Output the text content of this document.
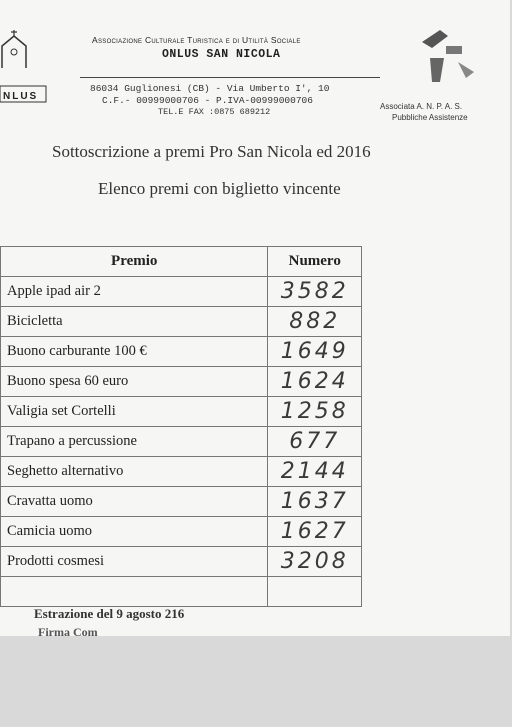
NLUS
Associazione Culturale Turistica e di Utilità Sociale
ONLUS SAN NICOLA
86034 Guglionesi (CB) - Via Umberto I', 10
C.F.- 00999000706 - P.IVA-00999000706
TEL.E FAX :0875 689212
Associata A. N. P. A. S.
Pubbliche Assistenze
Sottoscrizione a premi Pro San Nicola ed 2016
Elenco premi con biglietto vincente
Premio	Numero
Apple ipad air 2	3582
Bicicletta	882
Buono carburante 100 €	1649
Buono spesa 60 euro	1624
Valigia set Cortelli	1258
Trapano a percussione	677
Seghetto alternativo	2144
Cravatta uomo	1637
Camicia uomo	1627
Prodotti cosmesi	3208

Estrazione del 9 agosto 216
Firma Com
